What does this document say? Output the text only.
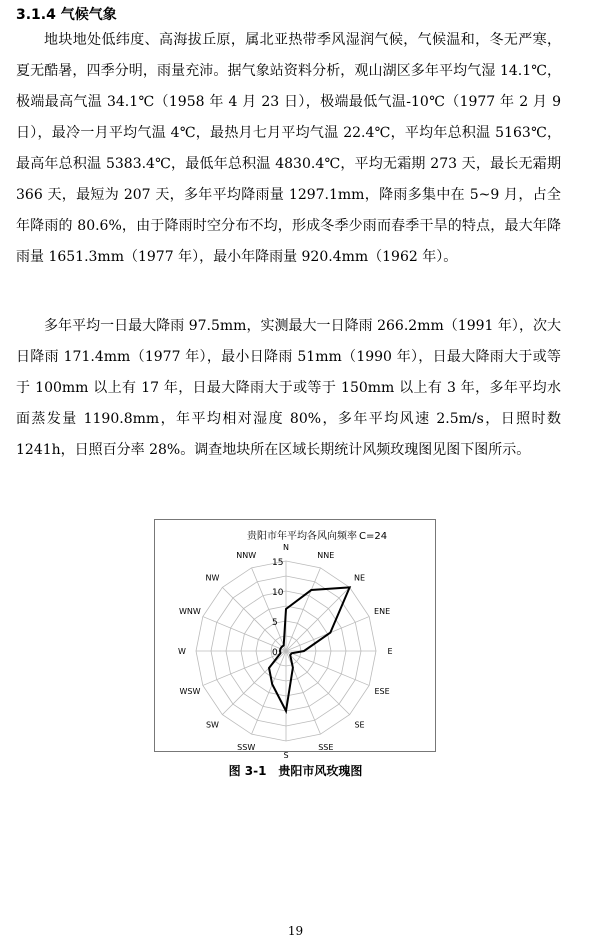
3.1.4 气候气象

地块地处低纬度、高海拔丘原，属北亚热带季风湿润气候，气候温和，冬无严寒，夏无酷暑，四季分明，雨量充沛。据气象站资料分析，观山湖区多年平均气湿 14.1℃，极端最高气温 34.1℃（1958 年 4 月 23 日），极端最低气温-10℃（1977 年 2 月 9 日），最冷一月平均气温 4℃，最热月七月平均气温 22.4℃，平均年总积温 5163℃，最高年总积温 5383.4℃，最低年总积温 4830.4℃，平均无霜期 273 天，最长无霜期 366 天，最短为 207 天，多年平均降雨量 1297.1mm，降雨多集中在 5~9 月，占全年降雨的 80.6%，由于降雨时空分布不均，形成冬季少雨而春季干旱的特点，最大年降雨量 1651.3mm（1977 年），最小年降雨量 920.4mm（1962 年）。

多年平均一日最大降雨 97.5mm，实测最大一日降雨 266.2mm（1991 年），次大日降雨 171.4mm（1977 年），最小日降雨 51mm（1990 年），日最大降雨大于或等于 100mm 以上有 17 年，日最大降雨大于或等于 150mm 以上有 3 年，多年平均水面蒸发量 1190.8mm，年平均相对湿度 80%，多年平均风速 2.5m/s，日照时数 1241h，日照百分率 28%。调查地块所在区域长期统计风频玫瑰图见图下图所示。

贵阳市年平均各风向频率 C=24
0
5
10
15
N
NNE
NE
ENE
E
ESE
SE
SSE
S
SSW
SW
WSW
W
WNW
NW
NNW
图 3-1　贵阳市风玫瑰图
19
